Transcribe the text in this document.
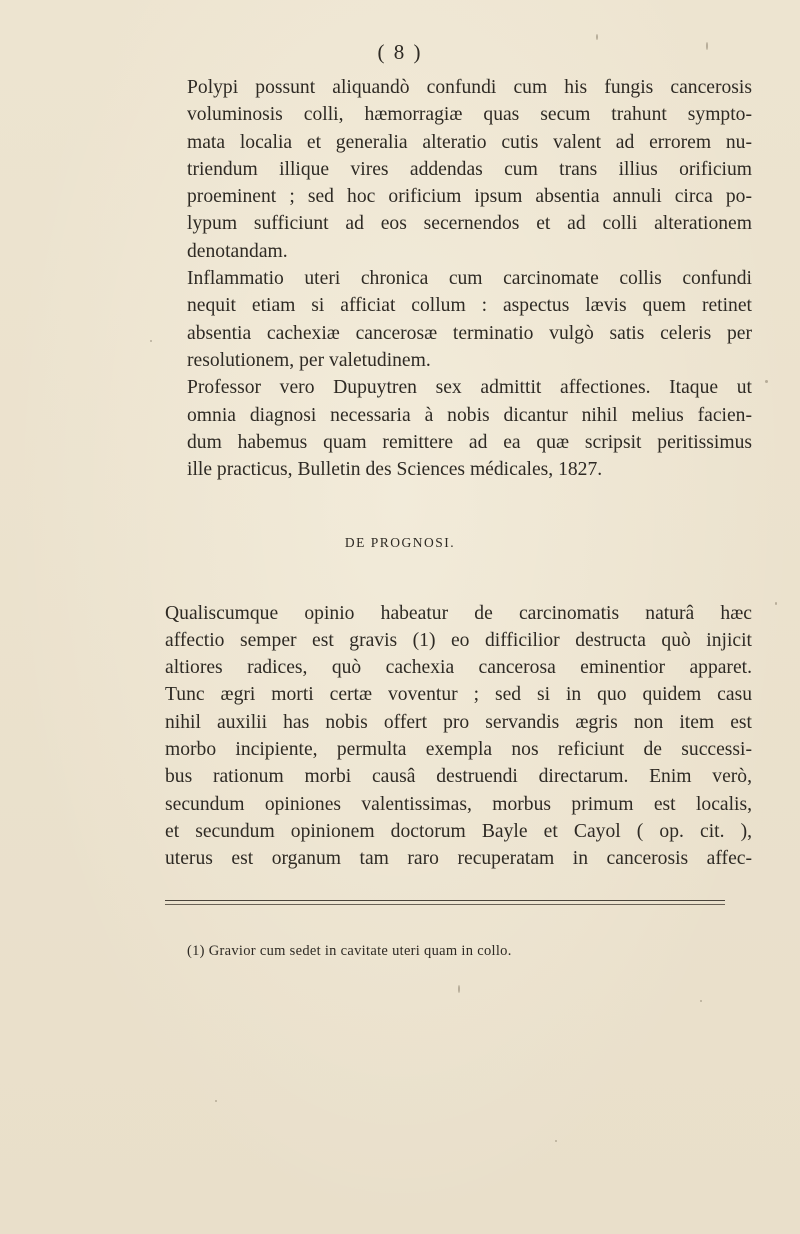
( 8 )

Polypi possunt aliquandò confundi cum his fungis cancerosis
voluminosis colli, hæmorragiæ quas secum trahunt sympto-
mata localia et generalia alteratio cutis valent ad errorem nu-
triendum illique vires addendas cum trans illius orificium
proeminent ; sed hoc orificium ipsum absentia annuli circa po-
lypum sufficiunt ad eos secernendos et ad colli alterationem
denotandam.

Inflammatio uteri chronica cum carcinomate collis confundi
nequit etiam si afficiat collum : aspectus lævis quem retinet
absentia cachexiæ cancerosæ terminatio vulgò satis celeris per
resolutionem, per valetudinem.

Professor vero Dupuytren sex admittit affectiones. Itaque ut
omnia diagnosi necessaria à nobis dicantur nihil melius facien-
dum habemus quam remittere ad ea quæ scripsit peritissimus
ille practicus, Bulletin des Sciences médicales, 1827.

DE PROGNOSI.

Qualiscumque opinio habeatur de carcinomatis naturâ hæc
affectio semper est gravis (1) eo difficilior destructa quò injicit
altiores radices, quò cachexia cancerosa eminentior apparet.
Tunc ægri morti certæ voventur ; sed si in quo quidem casu
nihil auxilii has nobis offert pro servandis ægris non item est
morbo incipiente, permulta exempla nos reficiunt de successi-
bus rationum morbi causâ destruendi directarum. Enim verò,
secundum opiniones valentissimas, morbus primum est localis,
et secundum opinionem doctorum Bayle et Cayol ( op. cit. ),
uterus est organum tam raro recuperatam in cancerosis affec-

(1) Gravior cum sedet in cavitate uteri quam in collo.
